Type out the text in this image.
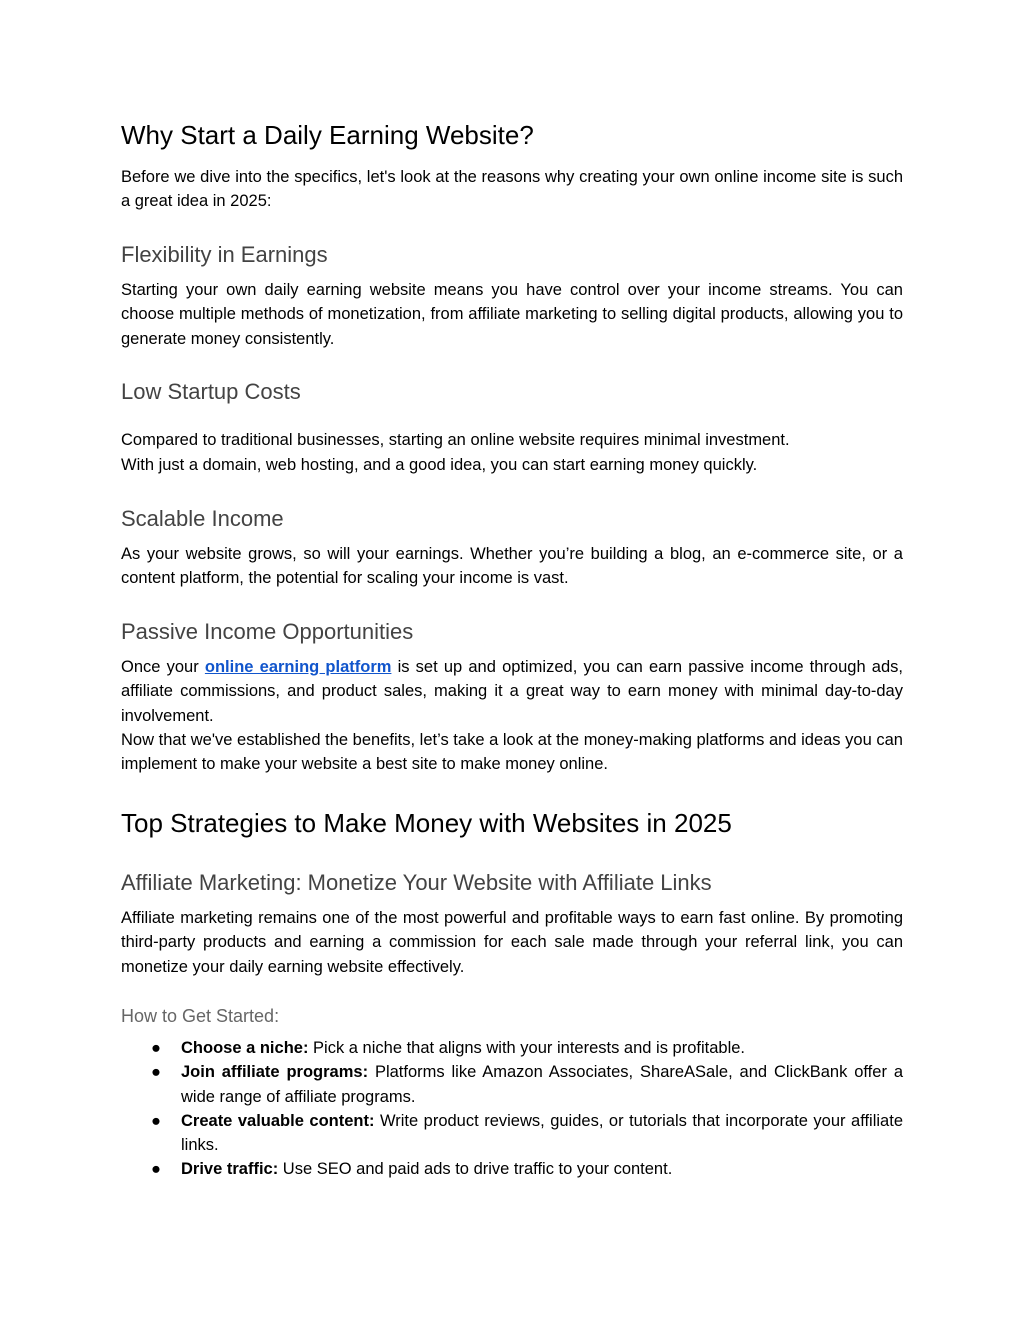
Why Start a Daily Earning Website?

Before we dive into the specifics, let's look at the reasons why creating your own online income site is such a great idea in 2025:

Flexibility in Earnings

Starting your own daily earning website means you have control over your income streams. You can choose multiple methods of monetization, from affiliate marketing to selling digital products, allowing you to generate money consistently.

Low Startup Costs

Compared to traditional businesses, starting an online website requires minimal investment.

With just a domain, web hosting, and a good idea, you can start earning money quickly.

Scalable Income

As your website grows, so will your earnings. Whether you’re building a blog, an e-commerce site, or a content platform, the potential for scaling your income is vast.

Passive Income Opportunities

Once your online earning platform is set up and optimized, you can earn passive income through ads, affiliate commissions, and product sales, making it a great way to earn money with minimal day-to-day involvement.

Now that we've established the benefits, let’s take a look at the money-making platforms and ideas you can implement to make your website a best site to make money online.

Top Strategies to Make Money with Websites in 2025
Affiliate Marketing: Monetize Your Website with Affiliate Links

Affiliate marketing remains one of the most powerful and profitable ways to earn fast online. By promoting third-party products and earning a commission for each sale made through your referral link, you can monetize your daily earning website effectively.

How to Get Started:
● Choose a niche: Pick a niche that aligns with your interests and is profitable.
● Join affiliate programs: Platforms like Amazon Associates, ShareASale, and ClickBank offer a wide range of affiliate programs.
● Create valuable content: Write product reviews, guides, or tutorials that incorporate your affiliate links.
● Drive traffic: Use SEO and paid ads to drive traffic to your content.
